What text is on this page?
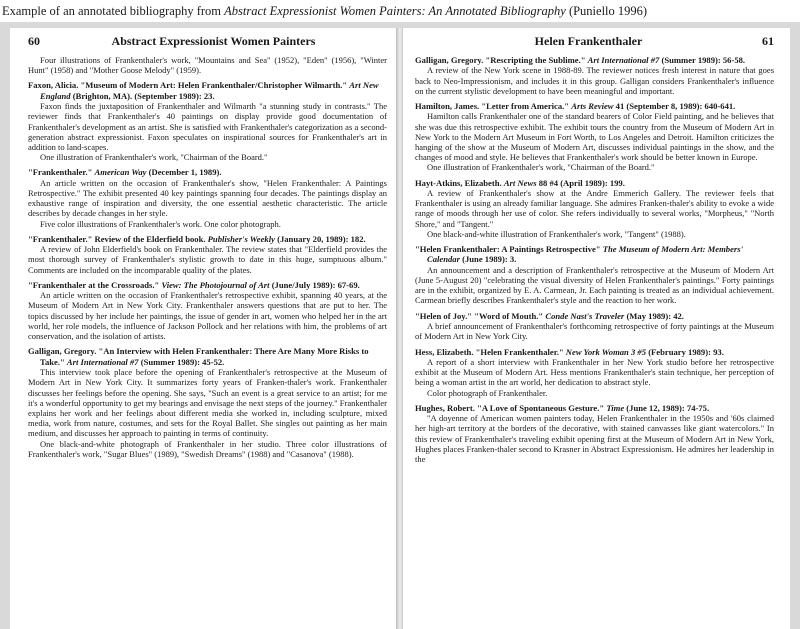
Example of an annotated bibliography from Abstract Expressionist Women Painters: An Annotated Bibliography (Puniello 1996)
60	Abstract Expressionist Women Painters

Four illustrations of Frankenthaler's work, "Mountains and Sea" (1952), "Eden" (1956), "Winter Hunt" (1958) and "Mother Goose Melody" (1959).

Faxon, Alicia. "Museum of Modern Art: Helen Frankenthaler/Christopher Wilmarth." Art New England (Brighton, MA). (September 1989): 23.

Faxon finds the juxtaposition of Frankenthaler and Wilmarth "a stunning study in contrasts." The reviewer finds that Frankenthaler's 40 paintings on display provide good documentation of Frankenthaler's development as an artist. She is satisfied with Frankenthaler's categorization as a second-generation abstract expressionist. Faxon speculates on inspirational sources for Frankenthaler's art in addition to land-scapes.

One illustration of Frankenthaler's work, "Chairman of the Board."

"Frankenthaler." American Way (December 1, 1989).

An article written on the occasion of Frankenthaler's show, "Helen Frankenthaler: A Paintings Retrospective." The exhibit presented 40 key paintings spanning four decades. The paintings display an exhaustive range of inspiration and diversity, the one essential aesthetic characteristic. The article describes by decade changes in her style.

Five color illustrations of Frankenthaler's work. One color photograph.

"Frankenthaler." Review of the Elderfield book. Publisher's Weekly (January 20, 1989): 182.

A review of John Elderfield's book on Frankenthaler. The review states that "Elderfield provides the most thorough survey of Frankenthaler's stylistic growth to date in this huge, sumptuous album." Comments are included on the incomparable quality of the plates.

"Frankenthaler at the Crossroads." View: The Photojournal of Art (June/July 1989): 67-69.

An article written on the occasion of Frankenthaler's retrospective exhibit, spanning 40 years, at the Museum of Modern Art in New York City. Frankenthaler answers questions that are put to her. The topics discussed by her include her paintings, the issue of gender in art, women who helped her in the art world, her role models, the influence of Jackson Pollock and her relations with him, the problems of art conservation, and the isolation of artists.

Galligan, Gregory. "An Interview with Helen Frankenthaler: There Are Many More Risks to Take." Art International #7 (Summer 1989): 45-52.

This interview took place before the opening of Frankenthaler's retrospective at the Museum of Modern Art in New York City. It summarizes forty years of Franken-thaler's work. Frankenthaler discusses her feelings before the opening. She says, "Such an event is a great service to an artist; for me it's a wonderful opportunity to get my bearings and envisage the next steps of the journey." Frankenthaler explains her work and her feelings about different media she worked in, including sculpture, mixed media, work from nature, costumes, and sets for the Royal Ballet. She singles out painting as her main medium, and discusses her approach to painting in terms of continuity.

One black-and-white photograph of Frankenthaler in her studio. Three color illustrations of Frankenthaler's work, "Sugar Blues" (1989), "Swedish Dreams" (1988) and "Casanova" (1988).

Helen Frankenthaler	61
Galligan, Gregory. "Rescripting the Sublime." Art International #7 (Summer 1989): 56-58.

A review of the New York scene in 1988-89. The reviewer notices fresh interest in nature that goes back to Neo-Impressionism, and includes it in this group. Galligan considers Frankenthaler's influence on the current stylistic development to have been meaningful and important.

Hamilton, James. "Letter from America." Arts Review 41 (September 8, 1989): 640-641.

Hamilton calls Frankenthaler one of the standard bearers of Color Field painting, and he believes that she was due this retrospective exhibit. The exhibit tours the country from the Museum of Modern Art in New York to the Modern Art Museum in Fort Worth, to Los Angeles and Detroit. Hamilton criticizes the hanging of the show at the Museum of Modern Art, discusses individual paintings in the show, and the changes of mood and style. He believes that Frankenthaler's work should be better known in Europe.

One illustration of Frankenthaler's work, "Chairman of the Board."

Hayt-Atkins, Elizabeth. Art News 88 #4 (April 1989): 199.

A review of Frankenthaler's show at the Andre Emmerich Gallery. The reviewer feels that Frankenthaler is using an already familiar language. She admires Franken-thaler's ability to evoke a wide range of moods through her use of color. She refers individually to several works, "Morpheus," "North Shore," and "Tangent."

One black-and-white illustration of Frankenthaler's work, "Tangent" (1988).

"Helen Frankenthaler: A Paintings Retrospective" The Museum of Modern Art: Members' Calendar (June 1989): 3.

An announcement and a description of Frankenthaler's retrospective at the Museum of Modern Art (June 5-August 20) "celebrating the visual diversity of Helen Frankenthaler's paintings." Forty paintings are in the exhibit, organized by E. A. Carmean, Jr. Each painting is treated as an individual achievement. Carmean briefly describes Frankenthaler's style and the reaction to her work.

"Helen of Joy." "Word of Mouth." Conde Nast's Traveler (May 1989): 42.

A brief announcement of Frankenthaler's forthcoming retrospective of forty paintings at the Museum of Modern Art in New York City.

Hess, Elizabeth. "Helen Frankenthaler." New York Woman 3 #5 (February 1989): 93.

A report of a short interview with Frankenthaler in her New York studio before her retrospective exhibit at the Museum of Modern Art. Hess mentions Frankenthaler's stain technique, her perception of being a woman artist in the art world, her dedication to abstract style.

Color photograph of Frankenthaler.

Hughes, Robert. "A Love of Spontaneous Gesture." Time (June 12, 1989): 74-75.

"A doyenne of American women painters today, Helen Frankenthaler in the 1950s and '60s claimed her high-art territory at the borders of the decorative, with stained canvasses like giant watercolors." In this review of Frankenthaler's traveling exhibit opening first at the Museum of Modern Art in New York, Hughes places Franken-thaler second to Krasner in Abstract Expressionism. He admires her leadership in the
